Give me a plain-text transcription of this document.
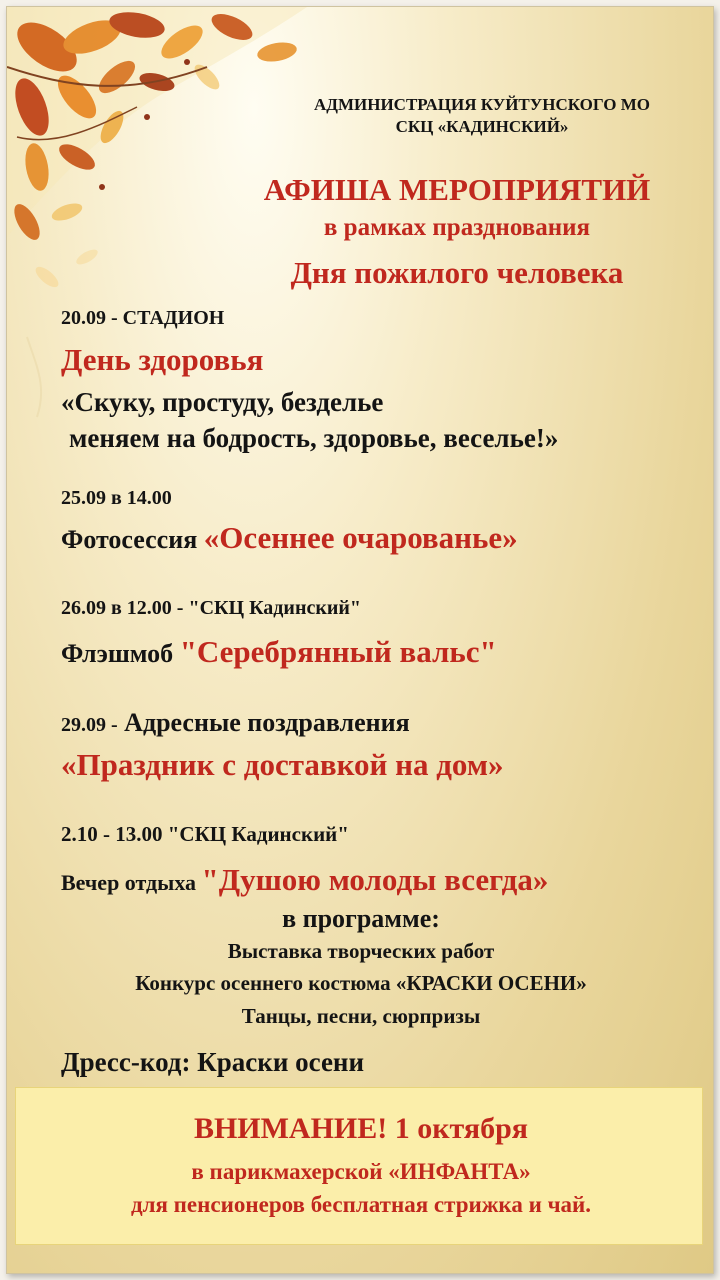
АДМИНИСТРАЦИЯ КУЙТУНСКОГО МО
СКЦ «КАДИНСКИЙ»
АФИША МЕРОПРИЯТИЙ
в рамках празднования
Дня пожилого человека
20.09 - СТАДИОН
День здоровья
«Скуку, простуду, безделье
меняем на бодрость, здоровье, веселье!»
25.09 в 14.00
Фотосессия «Осеннее очарованье»
26.09 в 12.00 - "СКЦ Кадинский"
Флэшмоб "Серебрянный вальс"
29.09 - Адресные поздравления
«Праздник с доставкой на дом»
2.10 - 13.00 "СКЦ Кадинский"
Вечер отдыха "Душою молоды всегда»
в программе:
Выставка творческих работ
Конкурс осеннего костюма «КРАСКИ ОСЕНИ»
Танцы, песни, сюрпризы
Дресс-код: Краски осени
ВНИМАНИЕ! 1 октября
в парикмахерской «ИНФАНТА»
для пенсионеров бесплатная стрижка и чай.
